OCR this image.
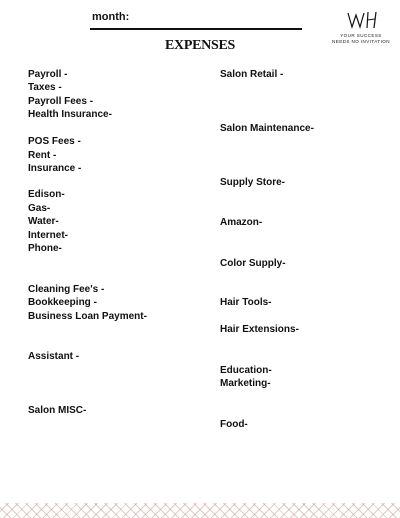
month:
EXPENSES
YOUR SUCCESS
NEEDS NO INVITATION
Payroll -
Taxes -
Payroll Fees -
Health Insurance-
POS Fees -
Rent -
Insurance -
Edison-
Gas-
Water-
Internet-
Phone-
Cleaning Fee's -
Bookkeeping -
Business Loan Payment-
Assistant -
Salon MISC-
Salon Retail -
Salon Maintenance-
Supply Store-
Amazon-
Color Supply-
Hair Tools-
Hair Extensions-
Education-
Marketing-
Food-
